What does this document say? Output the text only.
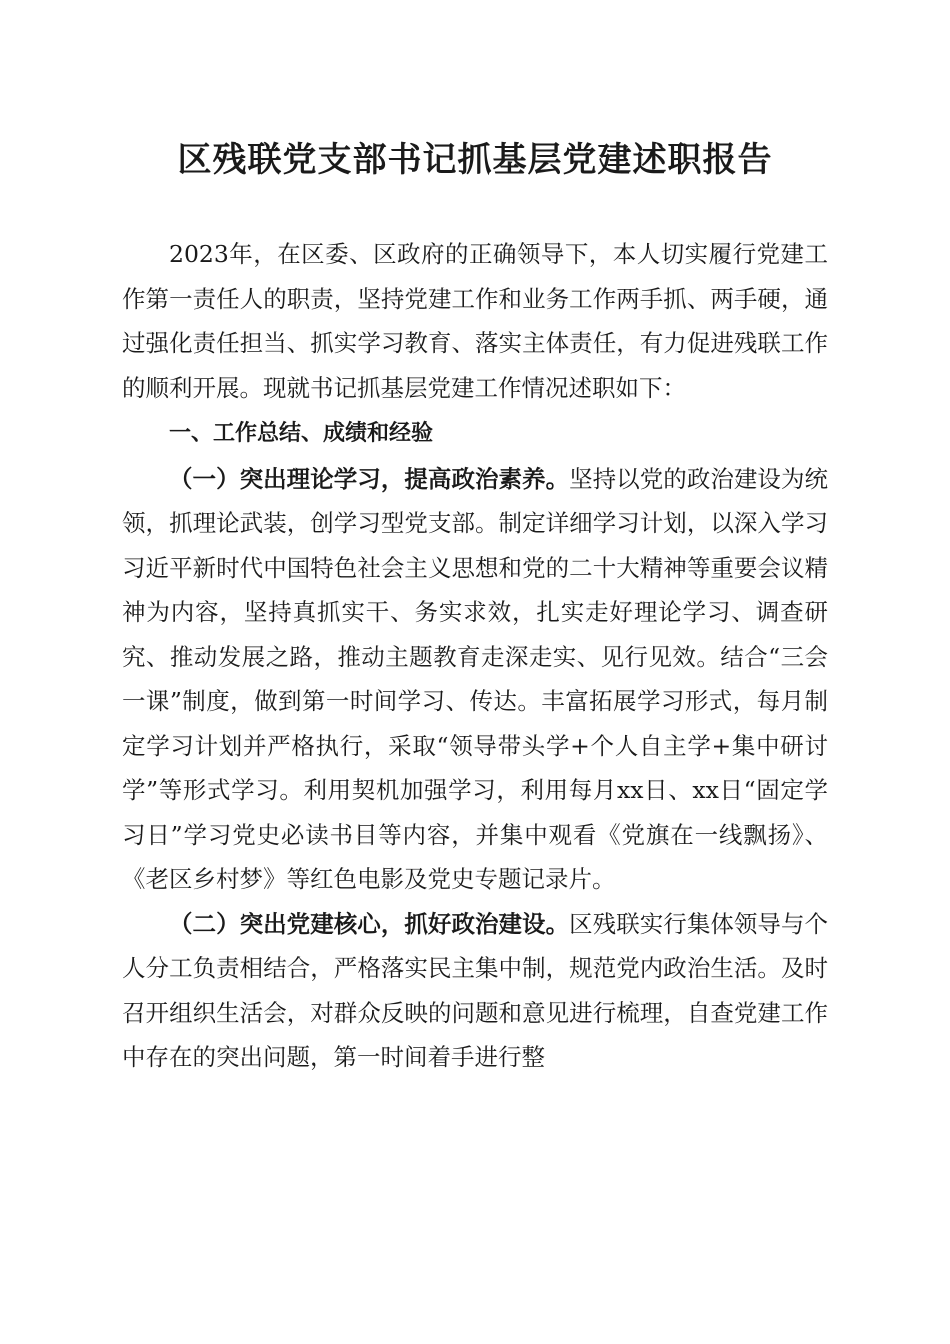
区残联党支部书记抓基层党建述职报告

2023年，在区委、区政府的正确领导下，本人切实履行党建工作第一责任人的职责，坚持党建工作和业务工作两手抓、两手硬，通过强化责任担当、抓实学习教育、落实主体责任，有力促进残联工作的顺利开展。现就书记抓基层党建工作情况述职如下：

一、工作总结、成绩和经验

（一）突出理论学习，提高政治素养。坚持以党的政治建设为统领，抓理论武装，创学习型党支部。制定详细学习计划，以深入学习习近平新时代中国特色社会主义思想和党的二十大精神等重要会议精神为内容，坚持真抓实干、务实求效，扎实走好理论学习、调查研究、推动发展之路，推动主题教育走深走实、见行见效。结合“三会一课”制度，做到第一时间学习、传达。丰富拓展学习形式，每月制定学习计划并严格执行，采取“领导带头学+个人自主学+集中研讨学”等形式学习。利用契机加强学习，利用每月xx日、xx日“固定学习日”学习党史必读书目等内容，并集中观看《党旗在一线飘扬》、《老区乡村梦》等红色电影及党史专题记录片。

（二）突出党建核心，抓好政治建设。区残联实行集体领导与个人分工负责相结合，严格落实民主集中制，规范党内政治生活。及时召开组织生活会，对群众反映的问题和意见进行梳理，自查党建工作中存在的突出问题，第一时间着手进行整
